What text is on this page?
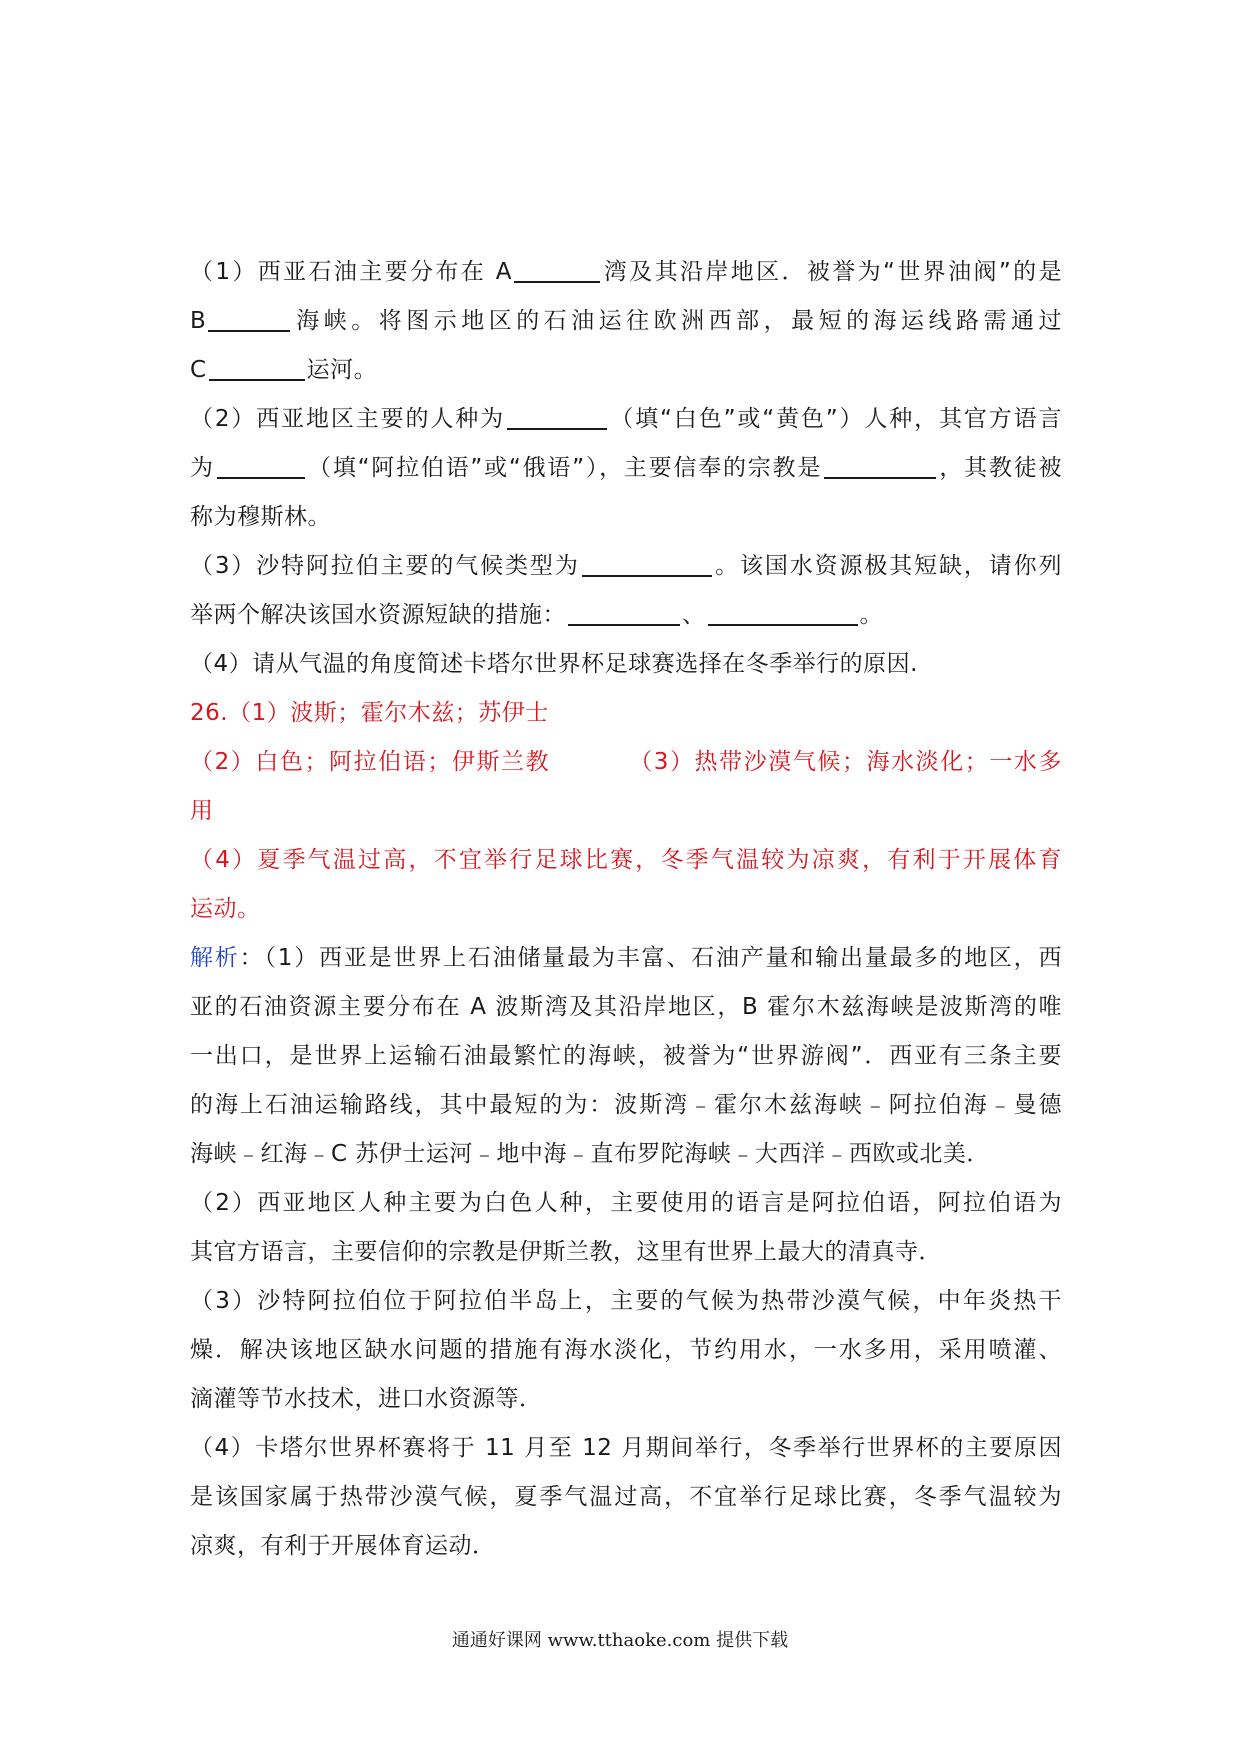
（1）西亚石油主要分布在 A	湾及其沿岸地区．被誉为“世界油阀”的是
B	海峡。将图示地区的石油运往欧洲西部，最短的海运线路需通过
C	运河。
（2）西亚地区主要的人种为	（填“白色”或“黄色”）人种，其官方语言
为	（填“阿拉伯语”或“俄语”），主要信奉的宗教是	，其教徒被
称为穆斯林。
（3）沙特阿拉伯主要的气候类型为	。该国水资源极其短缺，请你列
举两个解决该国水资源短缺的措施：	、	。
（4）请从气温的角度简述卡塔尔世界杯足球赛选择在冬季举行的原因.
26.（1）波斯；霍尔木兹；苏伊士
（2）白色；阿拉伯语；伊斯兰教	（3）热带沙漠气候；海水淡化；一水多
用
（4）夏季气温过高，不宜举行足球比赛，冬季气温较为凉爽，有利于开展体育
运动。
解析：（1）西亚是世界上石油储量最为丰富、石油产量和输出量最多的地区，西
亚的石油资源主要分布在 A 波斯湾及其沿岸地区，B 霍尔木兹海峡是波斯湾的唯
一出口，是世界上运输石油最繁忙的海峡，被誉为“世界游阀”．西亚有三条主要
的海上石油运输路线，其中最短的为：波斯湾﹣霍尔木兹海峡﹣阿拉伯海﹣曼德
海峡﹣红海﹣C 苏伊士运河﹣地中海﹣直布罗陀海峡﹣大西洋﹣西欧或北美．
（2）西亚地区人种主要为白色人种，主要使用的语言是阿拉伯语，阿拉伯语为
其官方语言，主要信仰的宗教是伊斯兰教，这里有世界上最大的清真寺．
（3）沙特阿拉伯位于阿拉伯半岛上，主要的气候为热带沙漠气候，中年炎热干
燥．解决该地区缺水问题的措施有海水淡化，节约用水，一水多用，采用喷灌、
滴灌等节水技术，进口水资源等．
（4）卡塔尔世界杯赛将于 11 月至 12 月期间举行，冬季举行世界杯的主要原因
是该国家属于热带沙漠气候，夏季气温过高，不宜举行足球比赛，冬季气温较为
凉爽，有利于开展体育运动．
通通好课网 www.tthaoke.com 提供下载
